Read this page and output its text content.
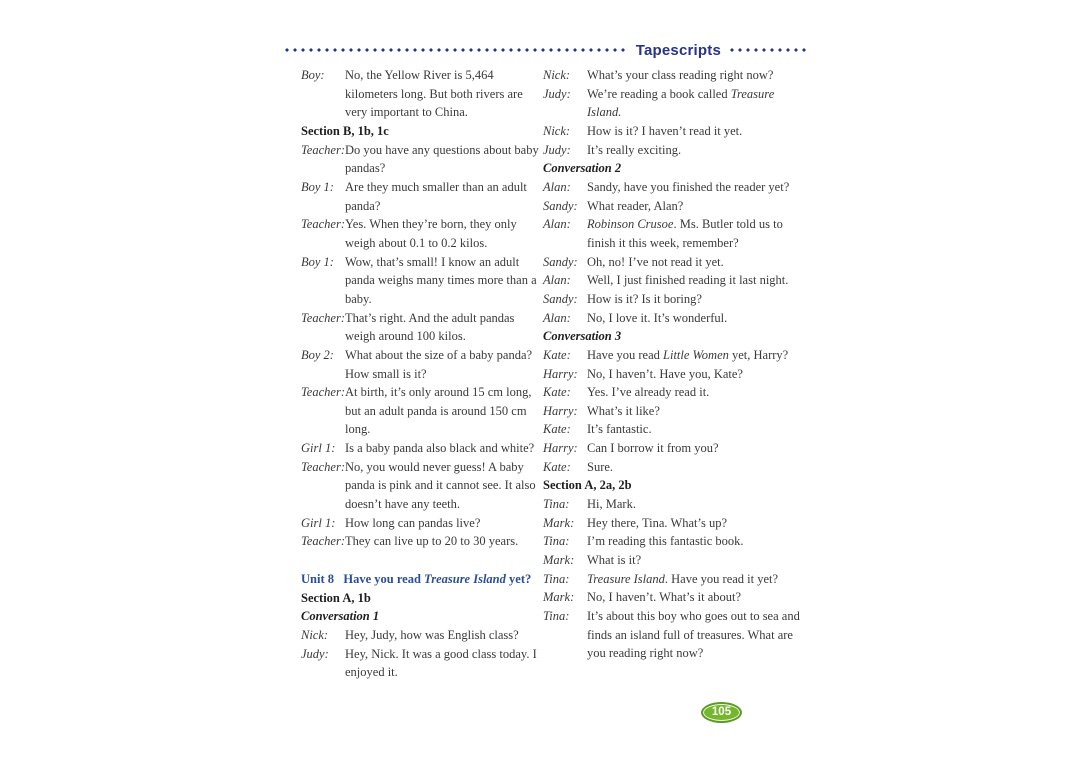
Tapescripts
Boy:	No, the Yellow River is 5,464 kilometers long. But both rivers are very important to China.
Section B, 1b, 1c
Teacher: Do you have any questions about baby pandas?
Boy 1: Are they much smaller than an adult panda?
Teacher: Yes. When they’re born, they only weigh about 0.1 to 0.2 kilos.
Boy 1: Wow, that’s small! I know an adult panda weighs many times more than a baby.
Teacher: That’s right. And the adult pandas weigh around 100 kilos.
Boy 2: What about the size of a baby panda? How small is it?
Teacher: At birth, it’s only around 15 cm long, but an adult panda is around 150 cm long.
Girl 1: Is a baby panda also black and white?
Teacher: No, you would never guess! A baby panda is pink and it cannot see. It also doesn’t have any teeth.
Girl 1: How long can pandas live?
Teacher: They can live up to 20 to 30 years.
Unit 8   Have you read Treasure Island yet?
Section A, 1b
Conversation 1
Nick:	Hey, Judy, how was English class?
Judy:	Hey, Nick. It was a good class today. I enjoyed it.
Nick:	What’s your class reading right now?
Judy:	We’re reading a book called Treasure Island.
Nick:	How is it? I haven’t read it yet.
Judy:	It’s really exciting.
Conversation 2
Alan:	Sandy, have you finished the reader yet?
Sandy: What reader, Alan?
Alan:	Robinson Crusoe. Ms. Butler told us to finish it this week, remember?
Sandy: Oh, no! I’ve not read it yet.
Alan:	Well, I just finished reading it last night.
Sandy: How is it? Is it boring?
Alan:	No, I love it. It’s wonderful.
Conversation 3
Kate:	Have you read Little Women yet, Harry?
Harry: No, I haven’t. Have you, Kate?
Kate:	Yes. I’ve already read it.
Harry: What’s it like?
Kate:	It’s fantastic.
Harry: Can I borrow it from you?
Kate:	Sure.
Section A, 2a, 2b
Tina:	Hi, Mark.
Mark:	Hey there, Tina. What’s up?
Tina:	I’m reading this fantastic book.
Mark:	What is it?
Tina:	Treasure Island. Have you read it yet?
Mark:	No, I haven’t. What’s it about?
Tina:	It’s about this boy who goes out to sea and finds an island full of treasures. What are you reading right now?
105
